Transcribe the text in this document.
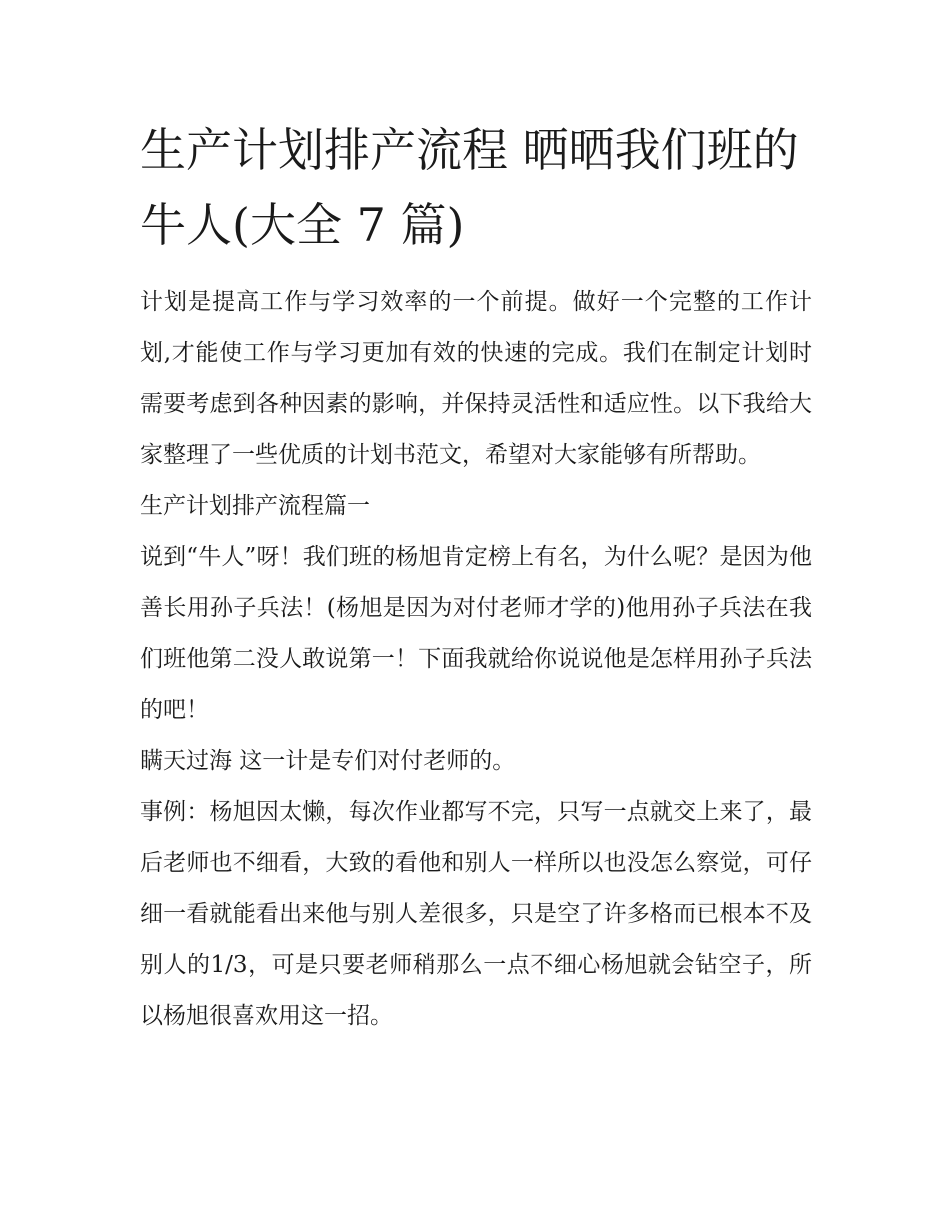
生产计划排产流程 晒晒我们班的牛人(大全 7 篇)

计划是提高工作与学习效率的一个前提。做好一个完整的工作计划,才能使工作与学习更加有效的快速的完成。我们在制定计划时需要考虑到各种因素的影响，并保持灵活性和适应性。以下我给大家整理了一些优质的计划书范文，希望对大家能够有所帮助。

生产计划排产流程篇一

说到“牛人”呀！我们班的杨旭肯定榜上有名，为什么呢？是因为他善长用孙子兵法！(杨旭是因为对付老师才学的)他用孙子兵法在我们班他第二没人敢说第一！下面我就给你说说他是怎样用孙子兵法的吧！

瞒天过海 这一计是专们对付老师的。

事例：杨旭因太懒，每次作业都写不完，只写一点就交上来了，最后老师也不细看，大致的看他和别人一样所以也没怎么察觉，可仔细一看就能看出来他与别人差很多，只是空了许多格而已根本不及别人的1/3，可是只要老师稍那么一点不细心杨旭就会钻空子，所以杨旭很喜欢用这一招。
